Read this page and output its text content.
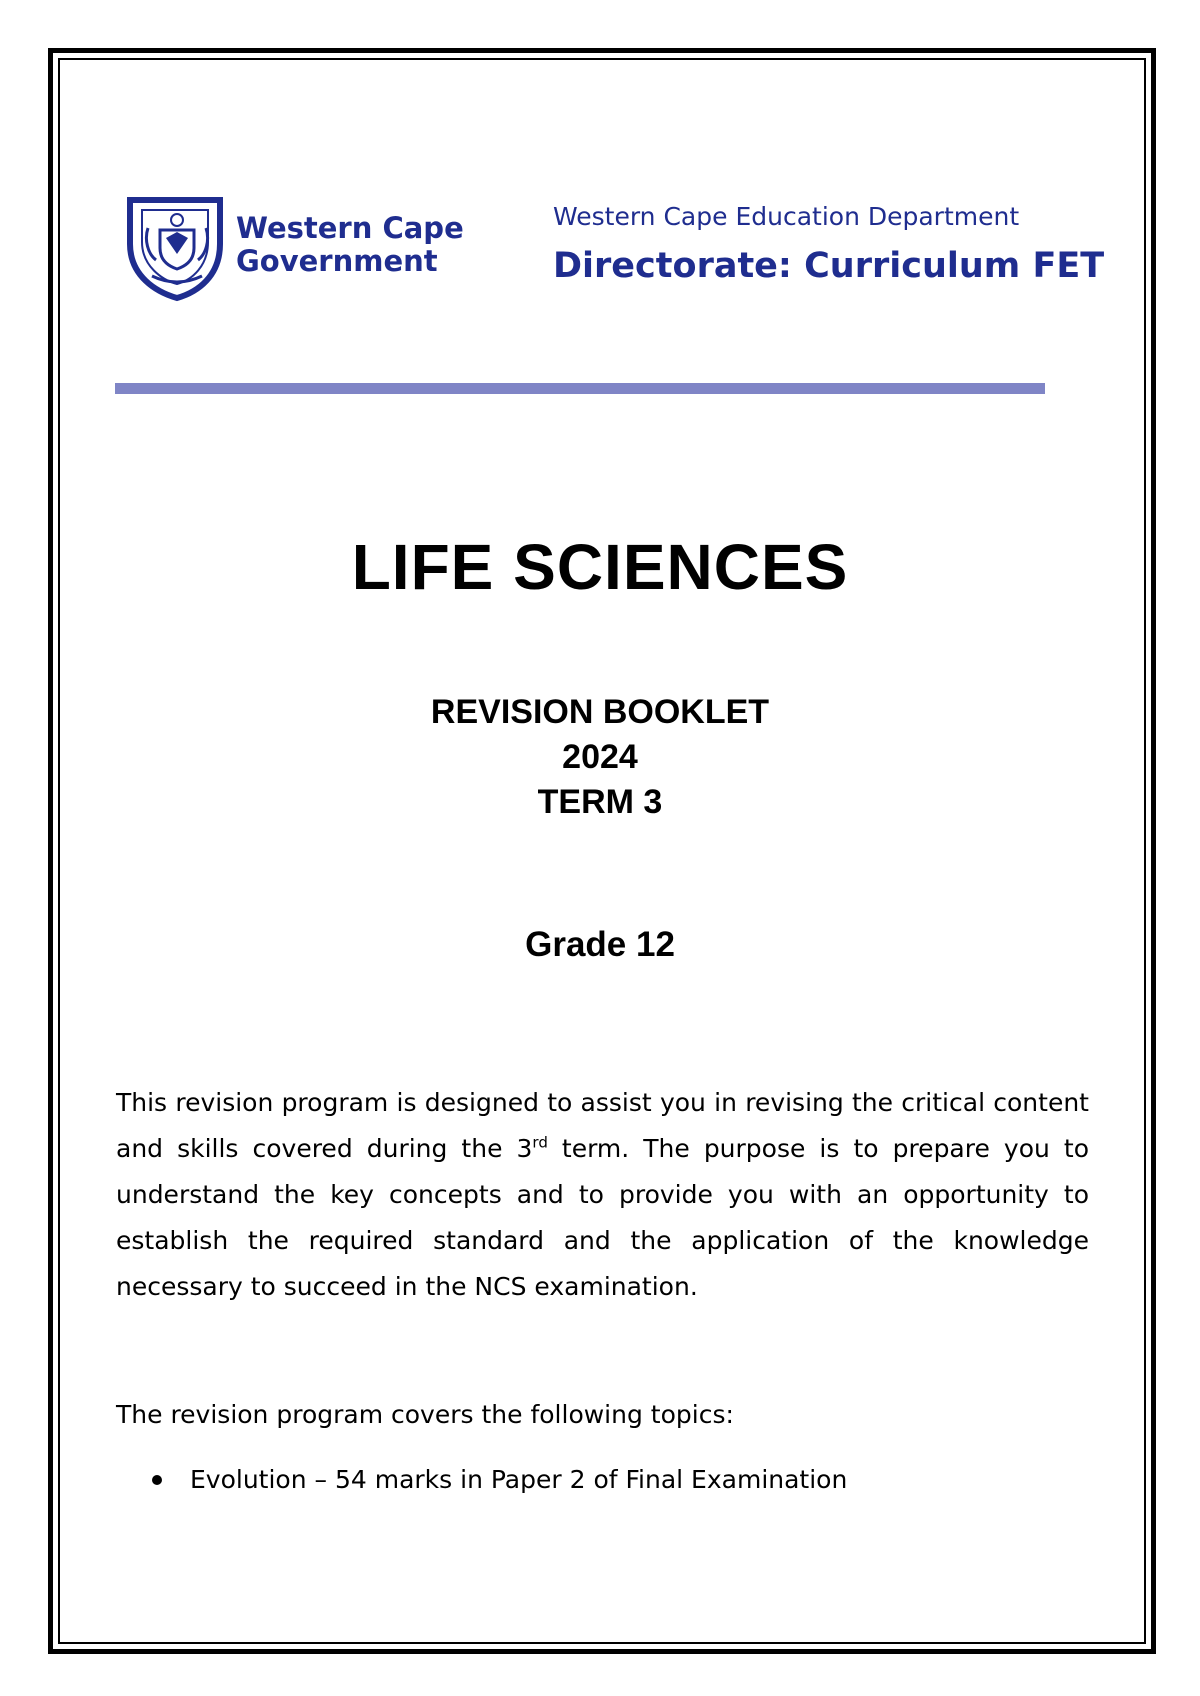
Western Cape
Government
Western Cape Education Department
Directorate: Curriculum FET
LIFE SCIENCES
REVISION BOOKLET
2024
TERM 3
Grade 12
This revision program is designed to assist you in revising the critical content and skills covered during the 3rd term. The purpose is to prepare you to understand the key concepts and to provide you with an opportunity to establish the required standard and the application of the knowledge necessary to succeed in the NCS examination.
The revision program covers the following topics:
Evolution – 54 marks in Paper 2 of Final Examination
